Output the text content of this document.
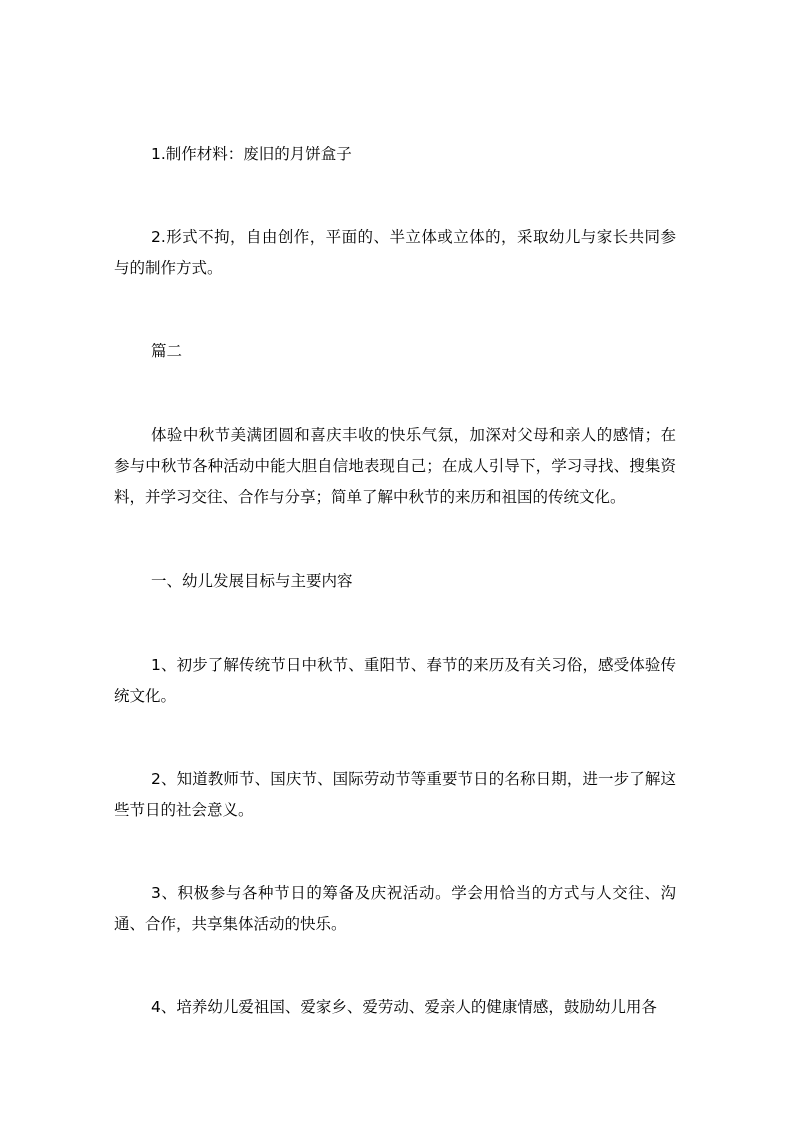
1.制作材料：废旧的月饼盒子

2.形式不拘，自由创作，平面的、半立体或立体的，采取幼儿与家长共同参与的制作方式。

篇二

体验中秋节美满团圆和喜庆丰收的快乐气氛，加深对父母和亲人的感情；在参与中秋节各种活动中能大胆自信地表现自己；在成人引导下，学习寻找、搜集资料，并学习交往、合作与分享；简单了解中秋节的来历和祖国的传统文化。

一、幼儿发展目标与主要内容

1、初步了解传统节日中秋节、重阳节、春节的来历及有关习俗，感受体验传统文化。

2、知道教师节、国庆节、国际劳动节等重要节日的名称日期，进一步了解这些节日的社会意义。

3、积极参与各种节日的筹备及庆祝活动。学会用恰当的方式与人交往、沟通、合作，共享集体活动的快乐。

4、培养幼儿爱祖国、爱家乡、爱劳动、爱亲人的健康情感，鼓励幼儿用各
